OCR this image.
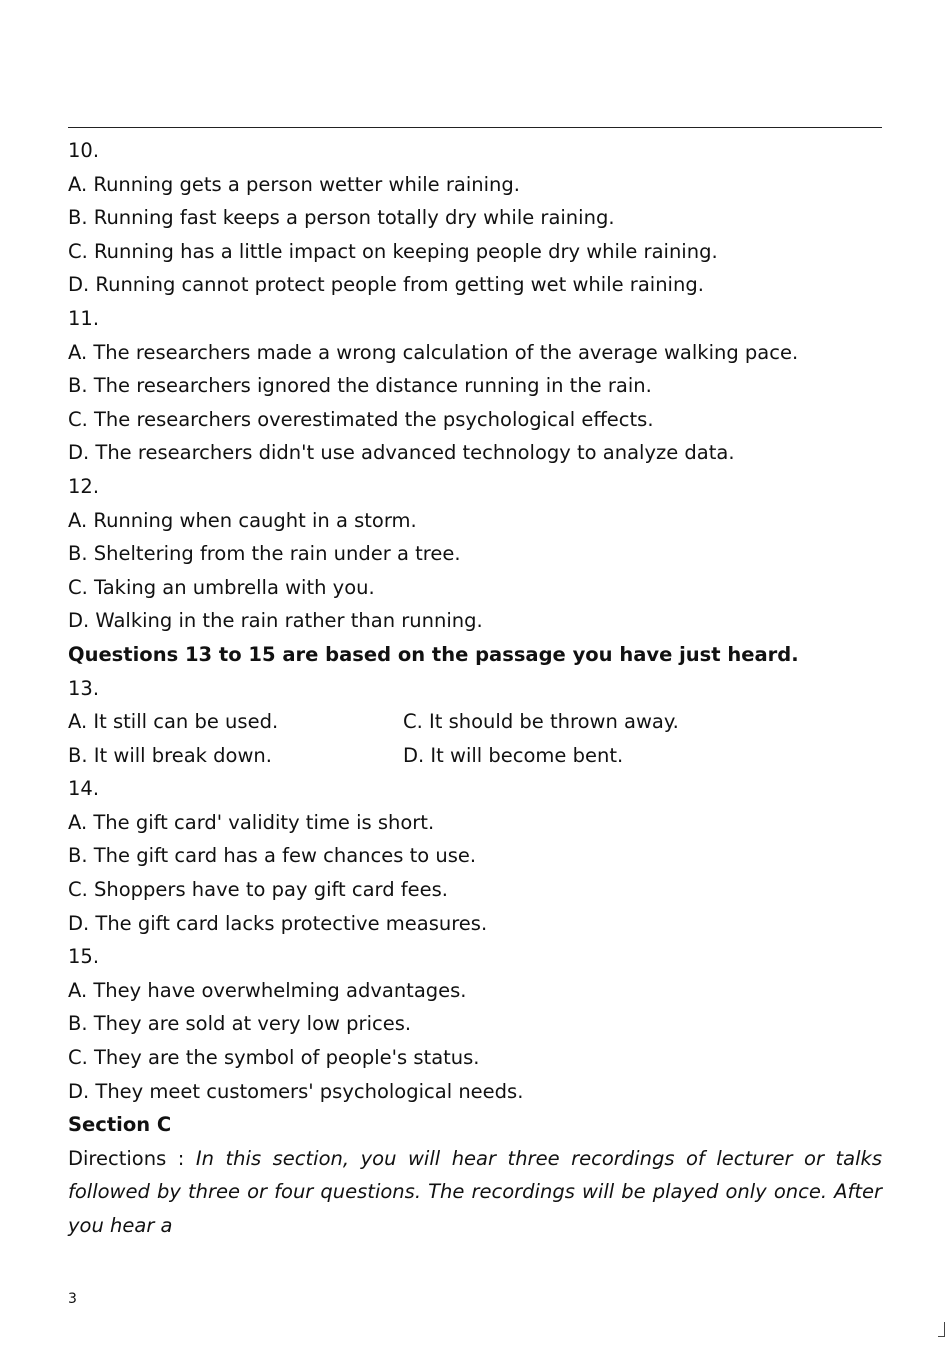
10.
A. Running gets a person wetter while raining.
B. Running fast keeps a person totally dry while raining.
C. Running has a little impact on keeping people dry while raining.
D. Running cannot protect people from getting wet while raining.
11.
A. The researchers made a wrong calculation of the average walking pace.
B. The researchers ignored the distance running in the rain.
C. The researchers overestimated the psychological effects.
D. The researchers didn't use advanced technology to analyze data.
12.
A. Running when caught in a storm.
B. Sheltering from the rain under a tree.
C. Taking an umbrella with you.
D. Walking in the rain rather than running.
Questions 13 to 15 are based on the passage you have just heard.
13.
A. It still can be used.	C. It should be thrown away.
B. It will break down.	D. It will become bent.
14.
A. The gift card' validity time is short.
B. The gift card has a few chances to use.
C. Shoppers have to pay gift card fees.
D. The gift card lacks protective measures.
15.
A. They have overwhelming advantages.
B. They are sold at very low prices.
C. They are the symbol of people's status.
D. They meet customers' psychological needs.
Section C
Directions : In this section, you will hear three recordings of lecturer or talks followed by three or four questions. The recordings will be played only once. After you hear a
3
